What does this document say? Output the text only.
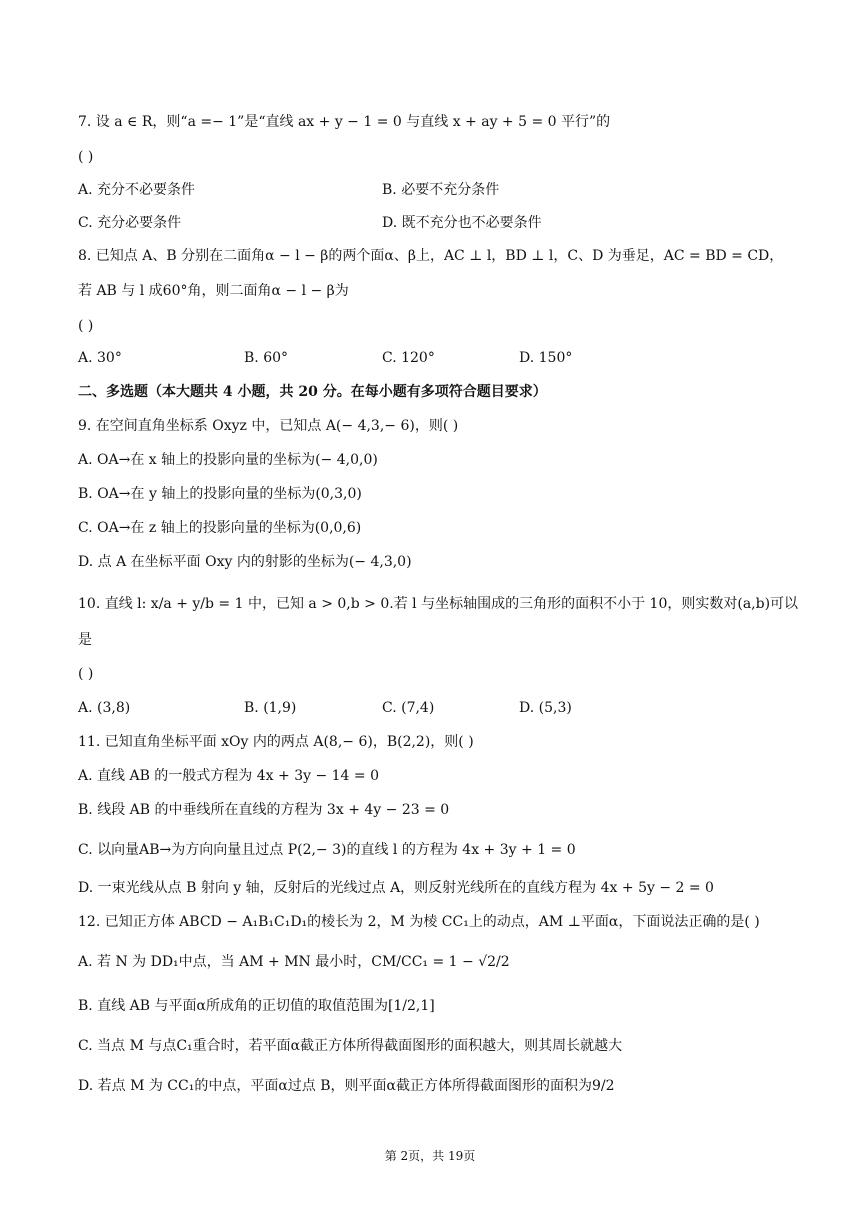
7. 设 a ∈ R，则“a =− 1”是“直线 ax + y − 1 = 0 与直线 x + ay + 5 = 0 平行”的
( )
A. 充分不必要条件	B. 必要不充分条件
C. 充分必要条件	D. 既不充分也不必要条件
8. 已知点 A、B 分别在二面角α − l − β的两个面α、β上，AC ⊥ l，BD ⊥ l，C、D 为垂足，AC = BD = CD，
若 AB 与 l 成60°角，则二面角α − l − β为
( )
A. 30°	B. 60°	C. 120°	D. 150°
二、多选题（本大题共 4 小题，共 20 分。在每小题有多项符合题目要求）
9. 在空间直角坐标系 Oxyz 中，已知点 A(− 4,3,− 6)，则( )
A. OA→在 x 轴上的投影向量的坐标为(− 4,0,0)
B. OA→在 y 轴上的投影向量的坐标为(0,3,0)
C. OA→在 z 轴上的投影向量的坐标为(0,0,6)
D. 点 A 在坐标平面 Oxy 内的射影的坐标为(− 4,3,0)
10. 直线 l: x/a + y/b = 1 中，已知 a > 0,b > 0.若 l 与坐标轴围成的三角形的面积不小于 10，则实数对(a,b)可以
是
( )
A. (3,8)	B. (1,9)	C. (7,4)	D. (5,3)
11. 已知直角坐标平面 xOy 内的两点 A(8,− 6)，B(2,2)，则( )
A. 直线 AB 的一般式方程为 4x + 3y − 14 = 0
B. 线段 AB 的中垂线所在直线的方程为 3x + 4y − 23 = 0
C. 以向量AB→为方向向量且过点 P(2,− 3)的直线 l 的方程为 4x + 3y + 1 = 0
D. 一束光线从点 B 射向 y 轴，反射后的光线过点 A，则反射光线所在的直线方程为 4x + 5y − 2 = 0
12. 已知正方体 ABCD − A₁B₁C₁D₁的棱长为 2，M 为棱 CC₁上的动点，AM ⊥平面α，下面说法正确的是( )
A. 若 N 为 DD₁中点，当 AM + MN 最小时，CM/CC₁ = 1 − √2/2
B. 直线 AB 与平面α所成角的正切值的取值范围为[1/2,1]
C. 当点 M 与点C₁重合时，若平面α截正方体所得截面图形的面积越大，则其周长就越大
D. 若点 M 为 CC₁的中点，平面α过点 B，则平面α截正方体所得截面图形的面积为9/2
第 2页，共 19页
